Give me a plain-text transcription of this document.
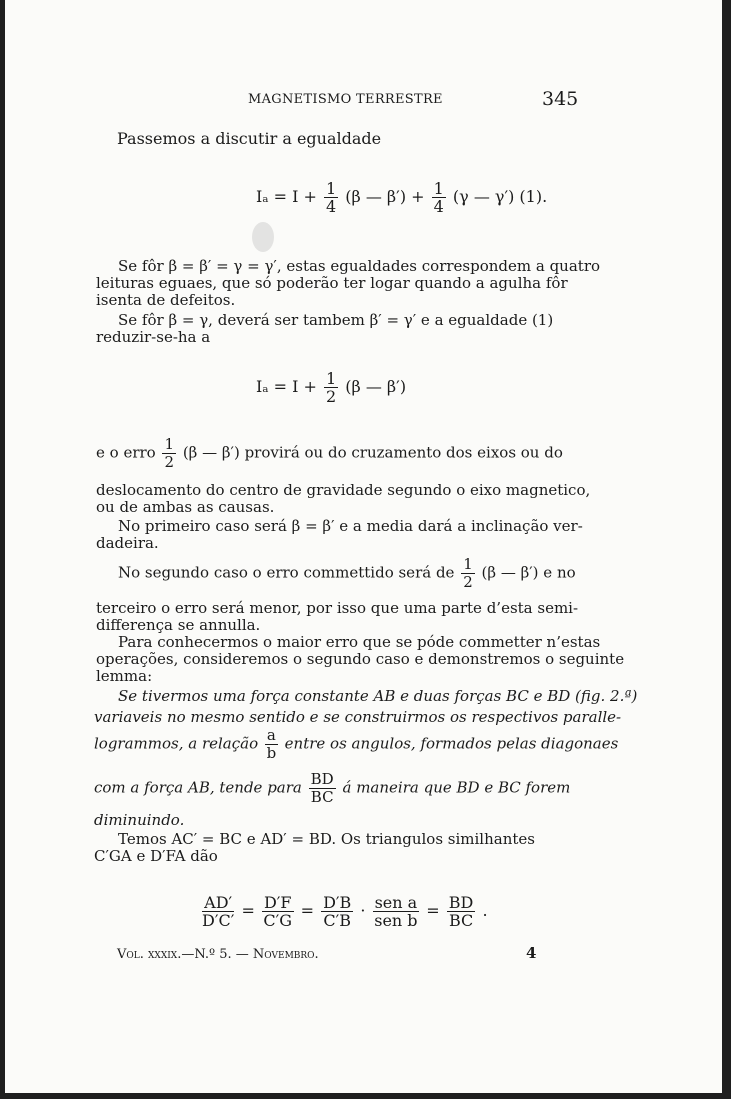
MAGNETISMO TERRESTRE	345
Passemos a discutir a egualdade
$I_a = I + \frac{1}{4} (\beta$ — $\beta') + \frac{1}{4} (\gamma$ — γ′) (1).
Se fôr β = β′ = γ = γ′, estas egualdades correspondem a quatro
leituras eguaes, que só poderão ter logar quando a agulha fôr
isenta de defeitos.
Se fôr β = γ, deverá ser tambem β′ = γ′ e a egualdade (1)
reduzir-se-ha a
$I_a = I + \frac{1}{2} (\beta$ — β′)
e o erro $\frac{1}{2} (\beta$ — β′) provirá ou do cruzamento dos eixos ou do
deslocamento do centro de gravidade segundo o eixo magnetico,
ou de ambas as causas.
No primeiro caso será β = β′ e a media dará a inclinação ver-
dadeira.
No segundo caso o erro commettido será de $\frac{1}{2} (\beta$ — β′) e no
terceiro o erro será menor, por isso que uma parte d’esta semi-
differença se annulla.
Para conhecermos o maior erro que se póde commetter n’estas
operações, consideremos o segundo caso e demonstremos o seguinte
lemma:
Se tivermos uma força constante AB e duas forças BC e BD (fig. 2.ª)
variaveis no mesmo sentido e se construirmos os respectivos paralle-
logrammos, a relação $\frac{a}{b}$ entre os angulos, formados pelas diagonaes
com a força AB, tende para $\frac{BD}{BC}$ á maneira que BD e BC forem
diminuindo.
Temos AC′ = BC e AD′ = BD. Os triangulos similhantes
C′GA e D′FA dão
$\frac{AD'}{D'C'} = \frac{D'F}{C'G} = \frac{D'B}{C'B} \cdot \frac{\text{sen a}}{\text{sen b}} = \frac{BD}{BC}$ .
Vol. xxxix.—N.º 5. — Novembro.	4
